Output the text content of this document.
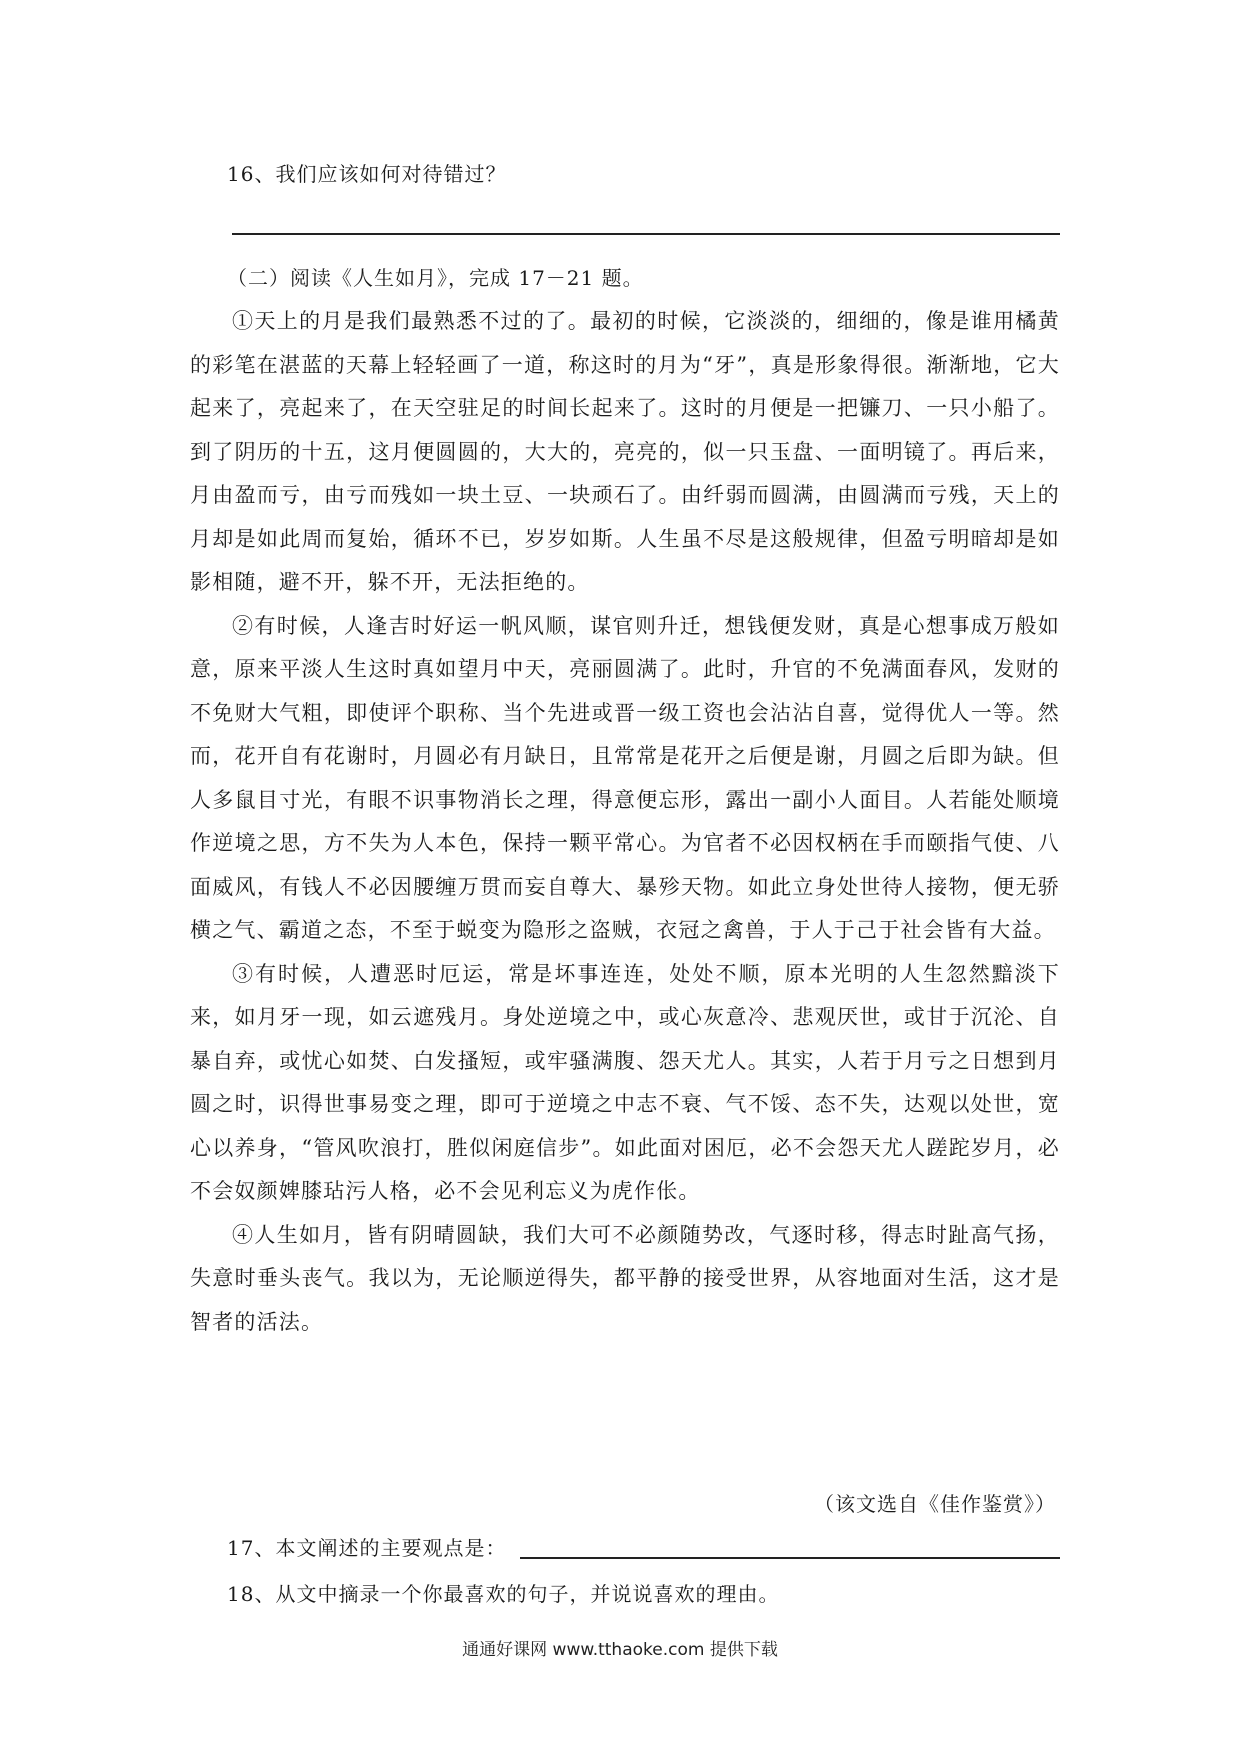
16、我们应该如何对待错过？
（二）阅读《人生如月》，完成 17－21 题。

①天上的月是我们最熟悉不过的了。最初的时候，它淡淡的，细细的，像是谁用橘黄的彩笔在湛蓝的天幕上轻轻画了一道，称这时的月为“牙”，真是形象得很。渐渐地，它大起来了，亮起来了，在天空驻足的时间长起来了。这时的月便是一把镰刀、一只小船了。到了阴历的十五，这月便圆圆的，大大的，亮亮的，似一只玉盘、一面明镜了。再后来，月由盈而亏，由亏而残如一块土豆、一块顽石了。由纤弱而圆满，由圆满而亏残，天上的月却是如此周而复始，循环不已，岁岁如斯。人生虽不尽是这般规律，但盈亏明暗却是如影相随，避不开，躲不开，无法拒绝的。

②有时候，人逢吉时好运一帆风顺，谋官则升迁，想钱便发财，真是心想事成万般如意，原来平淡人生这时真如望月中天，亮丽圆满了。此时，升官的不免满面春风，发财的不免财大气粗，即使评个职称、当个先进或晋一级工资也会沾沾自喜，觉得优人一等。然而，花开自有花谢时，月圆必有月缺日，且常常是花开之后便是谢，月圆之后即为缺。但人多鼠目寸光，有眼不识事物消长之理，得意便忘形，露出一副小人面目。人若能处顺境作逆境之思，方不失为人本色，保持一颗平常心。为官者不必因权柄在手而颐指气使、八面威风，有钱人不必因腰缠万贯而妄自尊大、暴殄天物。如此立身处世待人接物，便无骄横之气、霸道之态，不至于蜕变为隐形之盗贼，衣冠之禽兽，于人于己于社会皆有大益。

③有时候，人遭恶时厄运，常是坏事连连，处处不顺，原本光明的人生忽然黯淡下来，如月牙一现，如云遮残月。身处逆境之中，或心灰意冷、悲观厌世，或甘于沉沦、自暴自弃，或忧心如焚、白发搔短，或牢骚满腹、怨天尤人。其实，人若于月亏之日想到月圆之时，识得世事易变之理，即可于逆境之中志不衰、气不馁、态不失，达观以处世，宽心以养身，“管风吹浪打，胜似闲庭信步”。如此面对困厄，必不会怨天尤人蹉跎岁月，必不会奴颜婢膝玷污人格，必不会见利忘义为虎作伥。

④人生如月，皆有阴晴圆缺，我们大可不必颜随势改，气逐时移，得志时趾高气扬，失意时垂头丧气。我以为，无论顺逆得失，都平静的接受世界，从容地面对生活，这才是智者的活法。

（该文选自《佳作鉴赏》）
17、本文阐述的主要观点是：
18、从文中摘录一个你最喜欢的句子，并说说喜欢的理由。
通通好课网 www.tthaoke.com 提供下载
